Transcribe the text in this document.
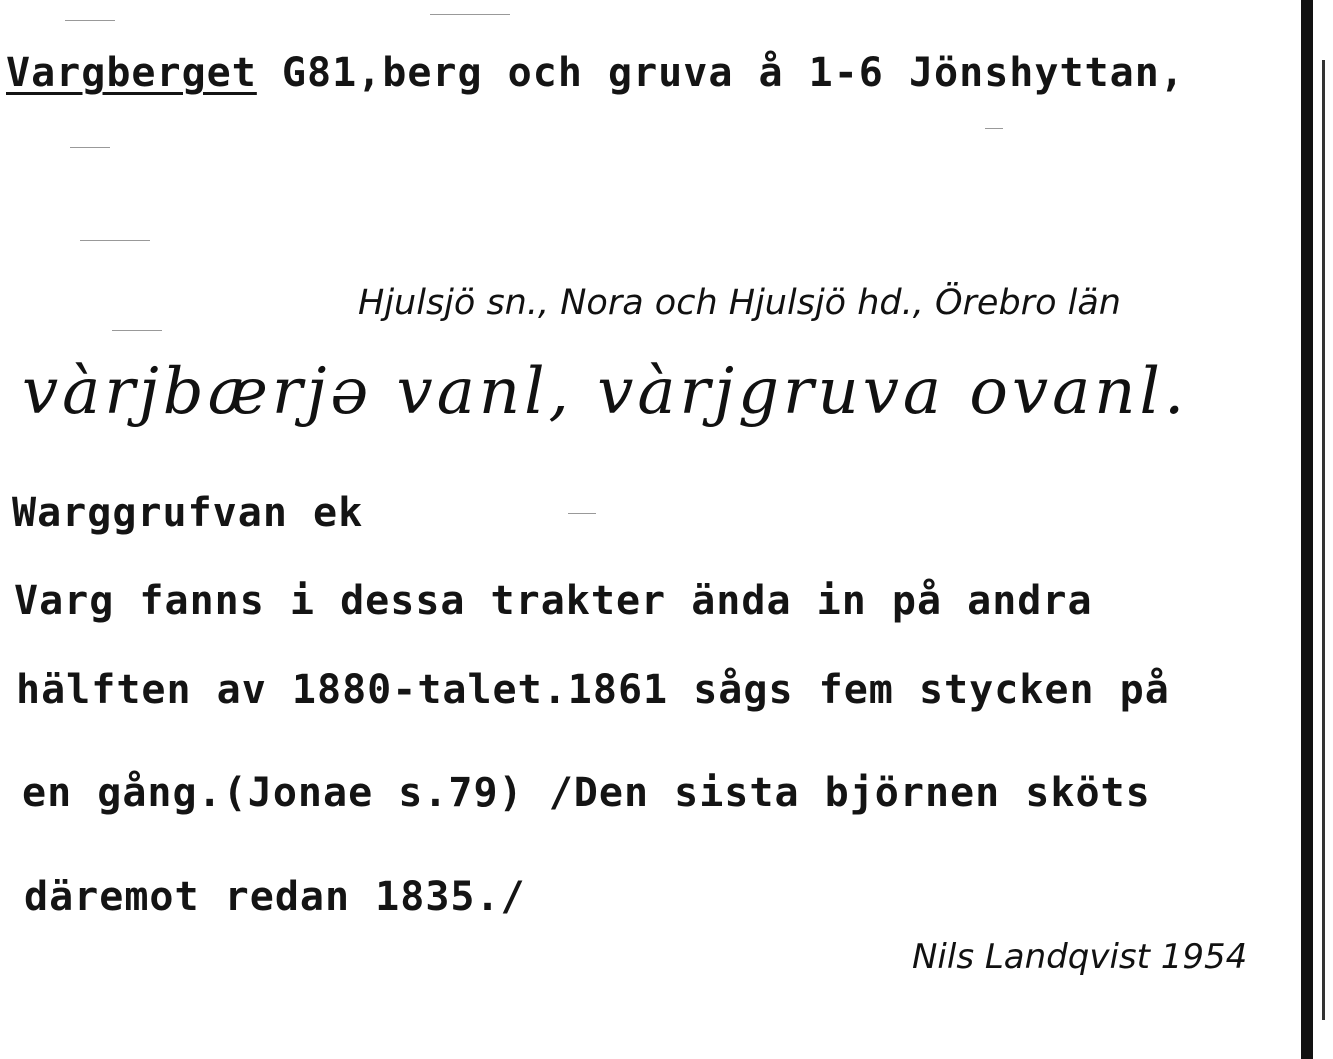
Vargberget G81,berg och gruva å 1-6 Jönshyttan,
Hjulsjö sn., Nora och Hjulsjö hd., Örebro län
vàrjbærjə vanl, vàrjgruva ovanl.
Warggrufvan ek
Varg fanns i dessa trakter ända in på andra
hälften av 1880-talet.1861 sågs fem stycken på
en gång.(Jonae s.79) /Den sista björnen sköts
däremot redan 1835./
Nils Landqvist 1954
